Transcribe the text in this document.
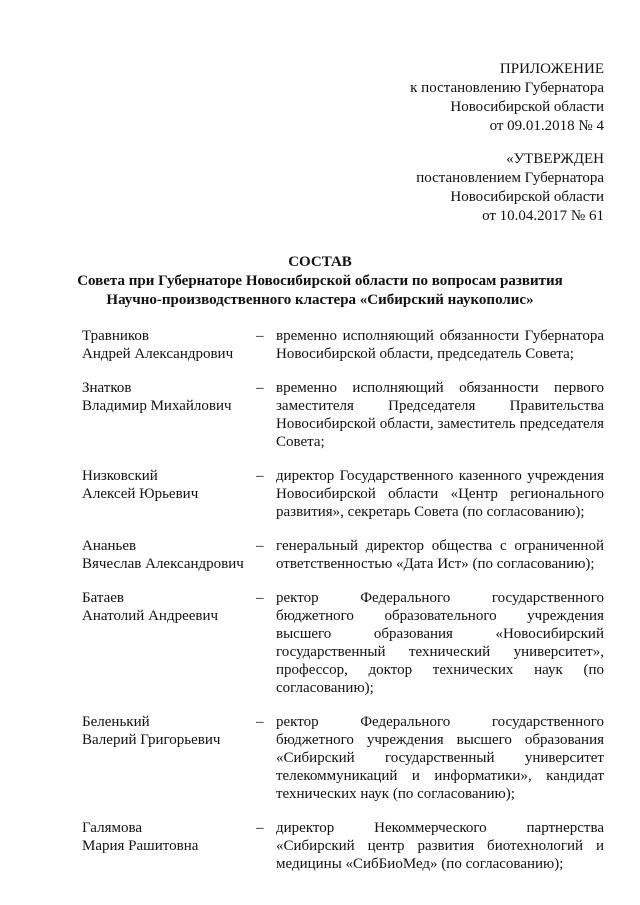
ПРИЛОЖЕНИЕ
к постановлению Губернатора
Новосибирской области
от 09.01.2018 № 4
«УТВЕРЖДЕН
постановлением Губернатора
Новосибирской области
от 10.04.2017 № 61
СОСТАВ
Совета при Губернаторе Новосибирской области по вопросам развития
Научно-производственного кластера «Сибирский наукополис»
Травников
Андрей Александрович
– временно исполняющий обязанности Губернатора Новосибирской области, председатель Совета;
Знатков
Владимир Михайлович
– временно исполняющий обязанности первого заместителя Председателя Правительства Новосибирской области, заместитель председателя Совета;
Низковский
Алексей Юрьевич
– директор Государственного казенного учреждения Новосибирской области «Центр регионального развития», секретарь Совета (по согласованию);
Ананьев
Вячеслав Александрович
– генеральный директор общества с ограниченной ответственностью «Дата Ист» (по согласованию);
Батаев
Анатолий Андреевич
– ректор Федерального государственного бюджетного образовательного учреждения высшего образования «Новосибирский государственный технический университет», профессор, доктор технических наук (по согласованию);
Беленький
Валерий Григорьевич
– ректор Федерального государственного бюджетного учреждения высшего образования «Сибирский государственный университет телекоммуникаций и информатики», кандидат технических наук (по согласованию);
Галямова
Мария Рашитовна
– директор Некоммерческого партнерства «Сибирский центр развития биотехнологий и медицины «СибБиоМед» (по согласованию);
